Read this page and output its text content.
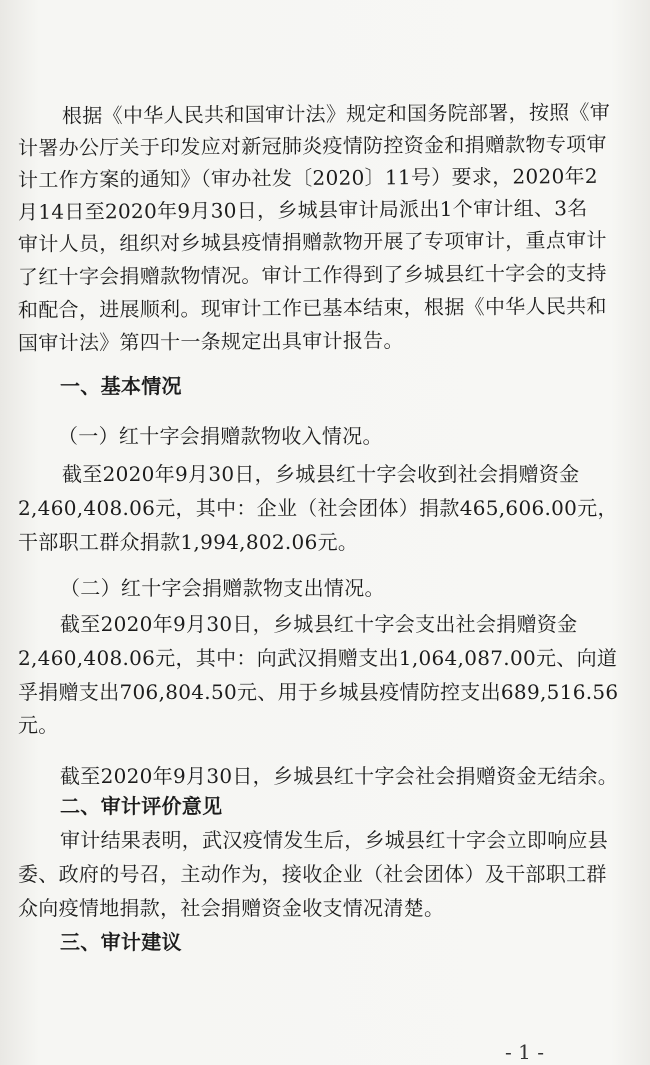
根据《中华人民共和国审计法》规定和国务院部署，按照《审
计署办公厅关于印发应对新冠肺炎疫情防控资金和捐赠款物专项审
计工作方案的通知》（审办社发〔2020〕11号）要求，2020年2
月14日至2020年9月30日，乡城县审计局派出1个审计组、3名
审计人员，组织对乡城县疫情捐赠款物开展了专项审计，重点审计
了红十字会捐赠款物情况。审计工作得到了乡城县红十字会的支持
和配合，进展顺利。现审计工作已基本结束，根据《中华人民共和
国审计法》第四十一条规定出具审计报告。
一、基本情况
（一）红十字会捐赠款物收入情况。
截至2020年9月30日，乡城县红十字会收到社会捐赠资金
2,460,408.06元，其中：企业（社会团体）捐款465,606.00元，
干部职工群众捐款1,994,802.06元。
（二）红十字会捐赠款物支出情况。
截至2020年9月30日，乡城县红十字会支出社会捐赠资金
2,460,408.06元，其中：向武汉捐赠支出1,064,087.00元、向道
孚捐赠支出706,804.50元、用于乡城县疫情防控支出689,516.56
元。
截至2020年9月30日，乡城县红十字会社会捐赠资金无结余。
二、审计评价意见
审计结果表明，武汉疫情发生后，乡城县红十字会立即响应县
委、政府的号召，主动作为，接收企业（社会团体）及干部职工群
众向疫情地捐款，社会捐赠资金收支情况清楚。
三、审计建议
- 1 -
